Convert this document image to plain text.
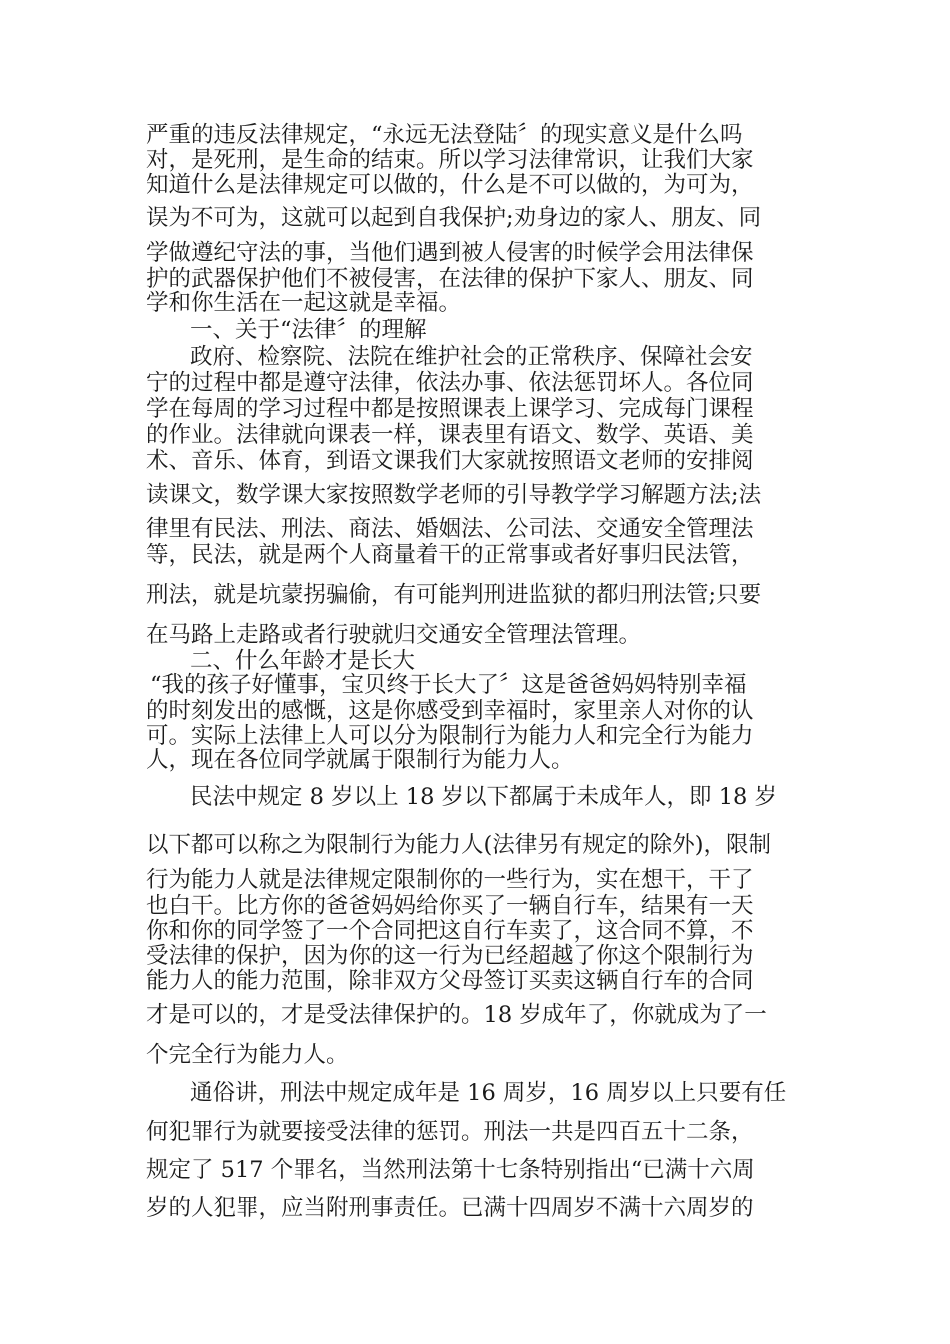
严重的违反法律规定，“永远无法登陆〞的现实意义是什么吗
对，是死刑，是生命的结束。所以学习法律常识，让我们大家
知道什么是法律规定可以做的，什么是不可以做的，为可为，
误为不可为，这就可以起到自我保护;劝身边的家人、朋友、同
学做遵纪守法的事，当他们遇到被人侵害的时候学会用法律保
护的武器保护他们不被侵害，在法律的保护下家人、朋友、同
学和你生活在一起这就是幸福。
一、关于“法律〞的理解
政府、检察院、法院在维护社会的正常秩序、保障社会安
宁的过程中都是遵守法律，依法办事、依法惩罚坏人。各位同
学在每周的学习过程中都是按照课表上课学习、完成每门课程
的作业。法律就向课表一样，课表里有语文、数学、英语、美
术、音乐、体育，到语文课我们大家就按照语文老师的安排阅
读课文，数学课大家按照数学老师的引导教学学习解题方法;法
律里有民法、刑法、商法、婚姻法、公司法、交通安全管理法
等，民法，就是两个人商量着干的正常事或者好事归民法管，
刑法，就是坑蒙拐骗偷，有可能判刑进监狱的都归刑法管;只要
在马路上走路或者行驶就归交通安全管理法管理。
二、什么年龄才是长大
“我的孩子好懂事，宝贝终于长大了〞这是爸爸妈妈特别幸福
的时刻发出的感慨，这是你感受到幸福时，家里亲人对你的认
可。实际上法律上人可以分为限制行为能力人和完全行为能力
人，现在各位同学就属于限制行为能力人。
民法中规定 8 岁以上 18 岁以下都属于未成年人，即 18 岁
以下都可以称之为限制行为能力人(法律另有规定的除外)，限制
行为能力人就是法律规定限制你的一些行为，实在想干，干了
也白干。比方你的爸爸妈妈给你买了一辆自行车，结果有一天
你和你的同学签了一个合同把这自行车卖了，这合同不算，不
受法律的保护，因为你的这一行为已经超越了你这个限制行为
能力人的能力范围，除非双方父母签订买卖这辆自行车的合同
才是可以的，才是受法律保护的。18 岁成年了，你就成为了一
个完全行为能力人。
通俗讲，刑法中规定成年是 16 周岁，16 周岁以上只要有任
何犯罪行为就要接受法律的惩罚。刑法一共是四百五十二条，
规定了 517 个罪名，当然刑法第十七条特别指出“已满十六周
岁的人犯罪，应当附刑事责任。已满十四周岁不满十六周岁的
